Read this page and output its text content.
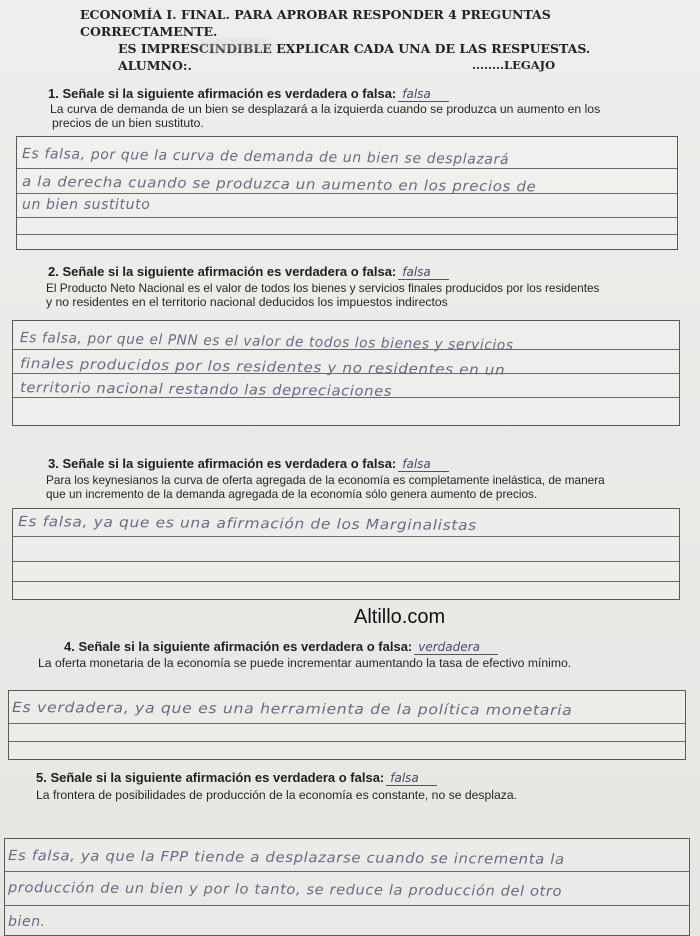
ECONOMÍA I. FINAL. PARA APROBAR RESPONDER 4 PREGUNTAS CORRECTAMENTE.
ES IMPRESCINDIBLE EXPLICAR CADA UNA DE LAS RESPUESTAS.
ALUMNO:.	........LEGAJO
1. Señale si la siguiente afirmación es verdadera o falsa: falsa
La curva de demanda de un bien se desplazará a la izquierda cuando se produzca un aumento en los
precios de un bien sustituto.
Es falsa, por que la curva de demanda de un bien se desplazará
a la derecha cuando se produzca un aumento en los precios de
un bien sustituto
2. Señale si la siguiente afirmación es verdadera o falsa: falsa
El Producto Neto Nacional es el valor de todos los bienes y servicios finales producidos por los residentes
y no residentes en el territorio nacional deducidos los impuestos indirectos
Es falsa, por que el PNN es el valor de todos los bienes y servicios
finales producidos por los residentes y no residentes en un
territorio nacional restando las depreciaciones
3. Señale si la siguiente afirmación es verdadera o falsa: falsa
Para los keynesianos la curva de oferta agregada de la economía es completamente inelástica, de manera
que un incremento de la demanda agregada de la economía sólo genera aumento de precios.
Es falsa, ya que es una afirmación de los Marginalistas
Altillo.com
4. Señale si la siguiente afirmación es verdadera o falsa: verdadera
La oferta monetaria de la economía se puede incrementar aumentando la tasa de efectivo mínimo.
Es verdadera, ya que es una herramienta de la política monetaria
5. Señale si la siguiente afirmación es verdadera o falsa: falsa
La frontera de posibilidades de producción de la economía es constante, no se desplaza.
Es falsa, ya que la FPP tiende a desplazarse cuando se incrementa la
producción de un bien y por lo tanto, se reduce la producción del otro
bien.
